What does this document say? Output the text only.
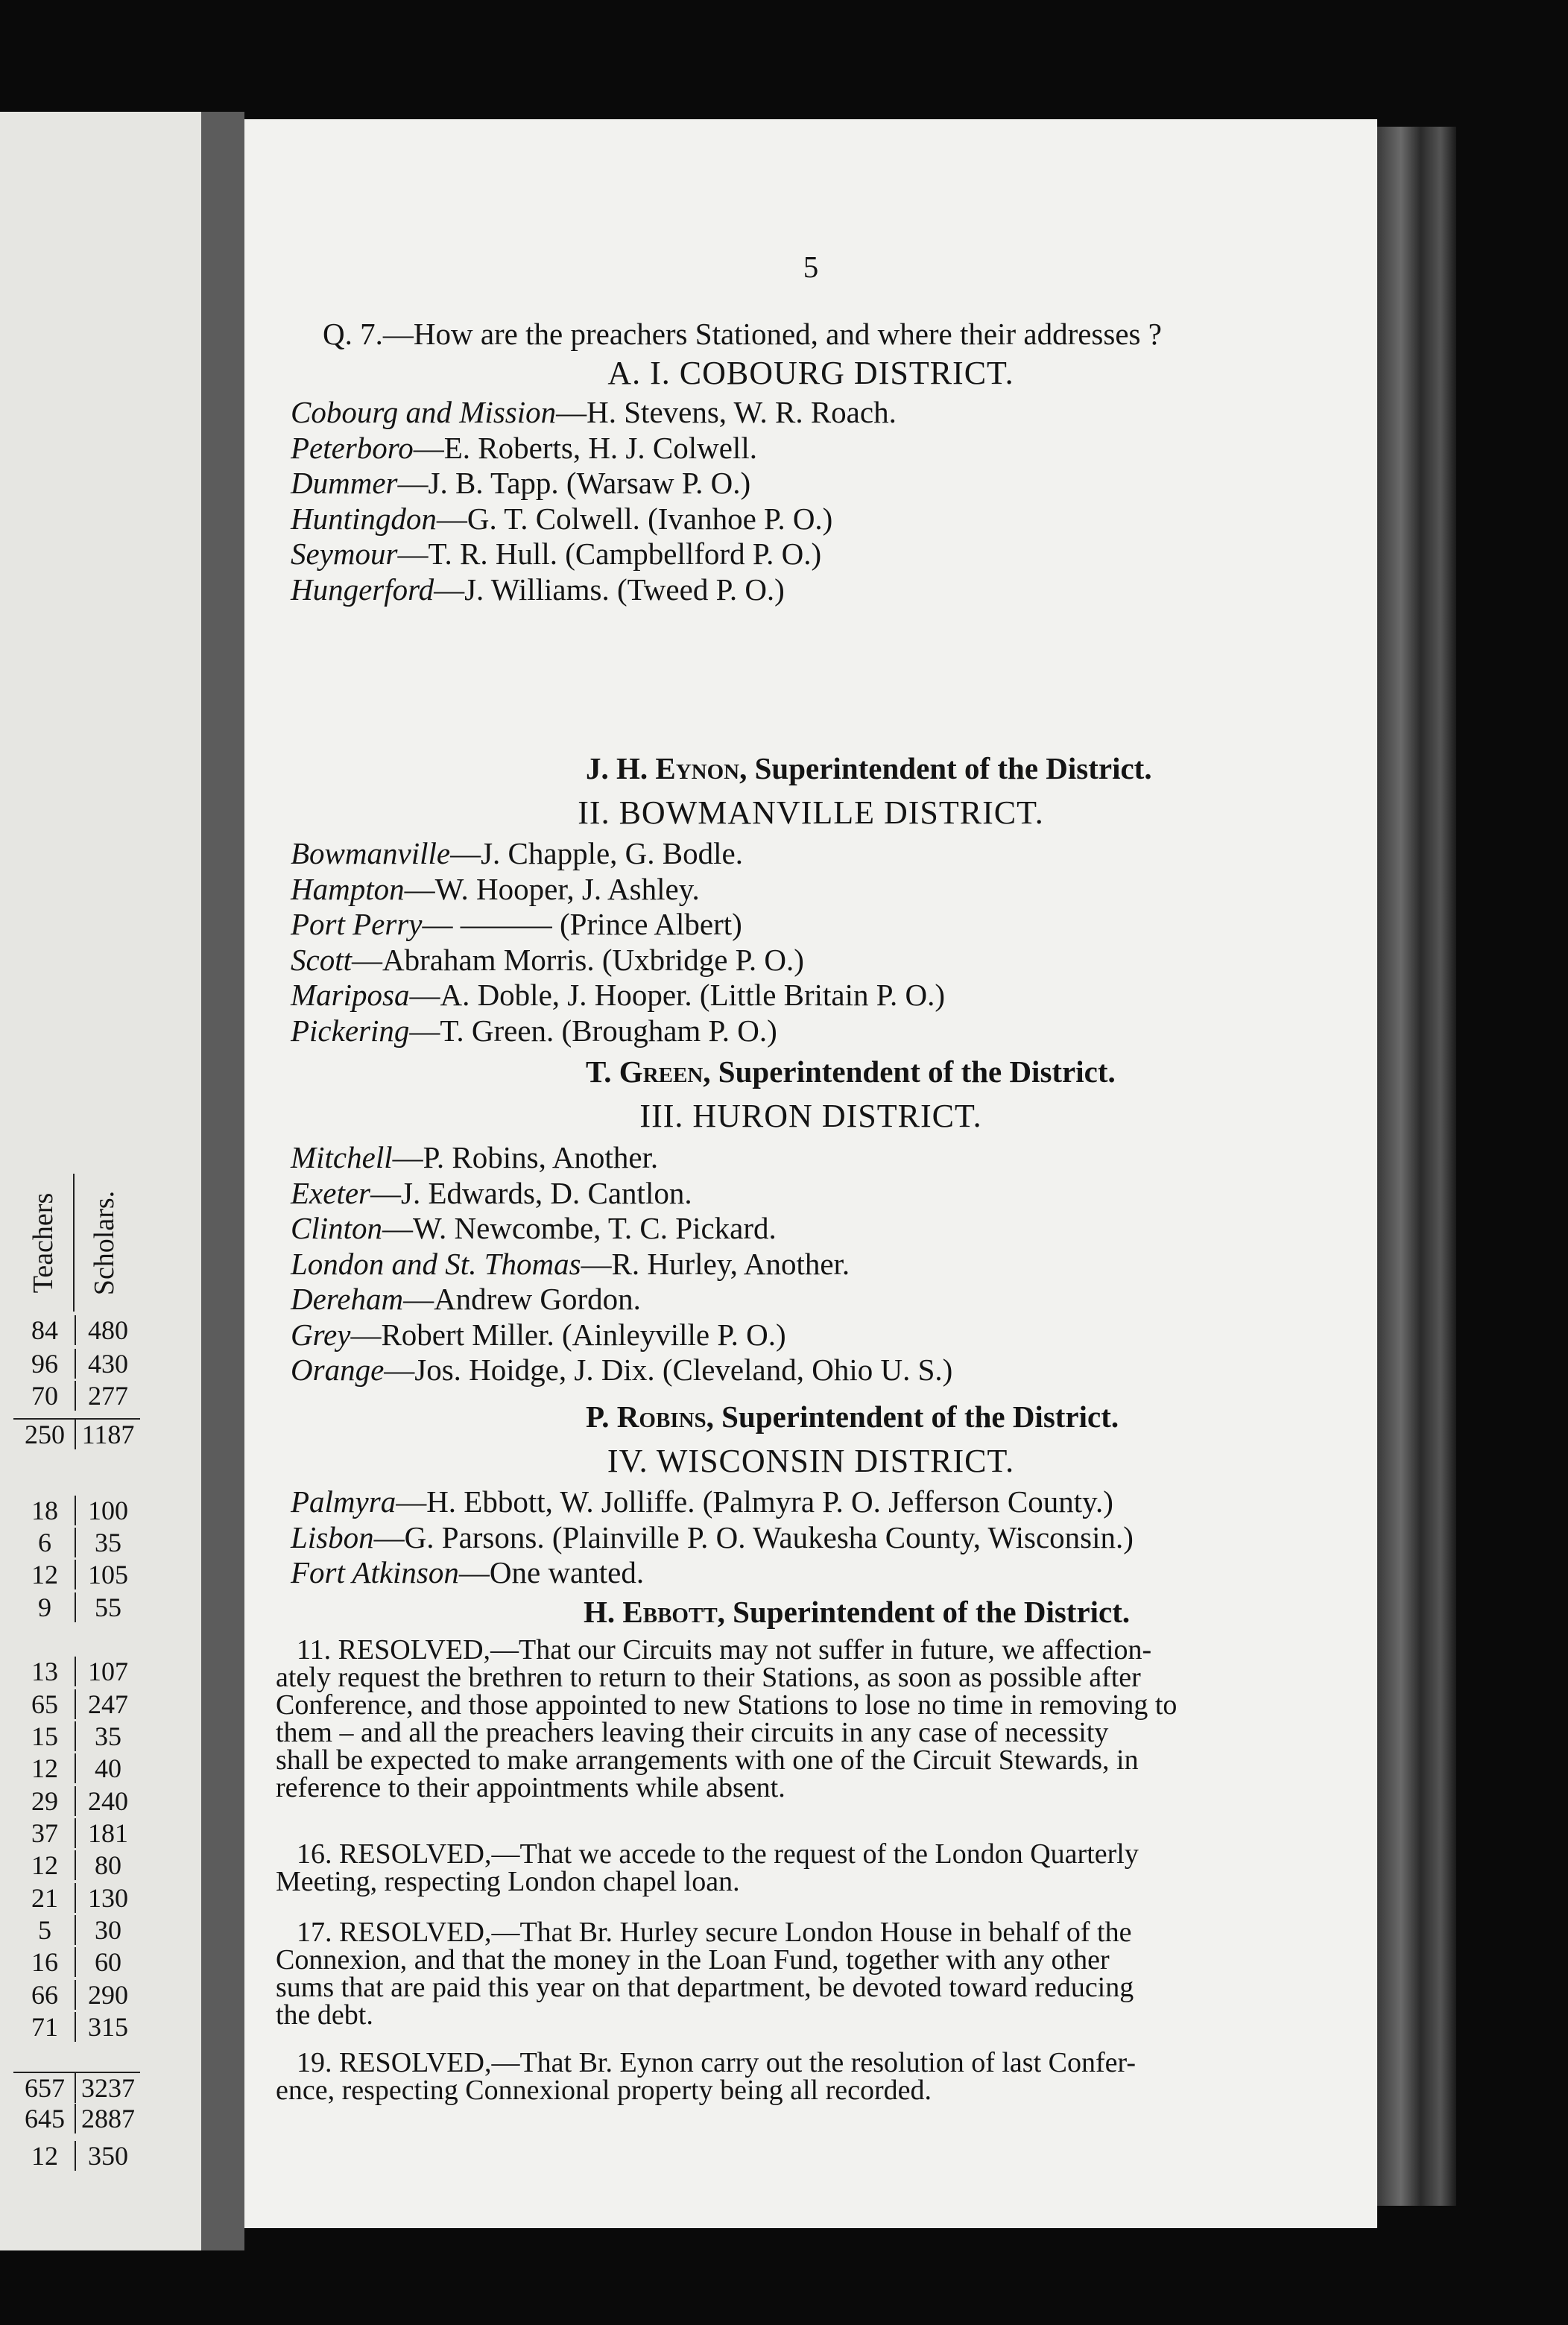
Teachers Scholars.
84	480
96	430
70	277
250 1187
18	100
6	35
12	105
9	55
13	107
65	247
15	35
12	40
29	240
37	181
12	80
21	130
5	30
16	60
66	290
71	315
657 3237
645 2887
12	350
5
Q. 7.—How are the preachers Stationed, and where their addresses ?
A. I. COBOURG DISTRICT.
Cobourg and Mission—H. Stevens, W. R. Roach.
Peterboro—E. Roberts, H. J. Colwell.
Dummer—J. B. Tapp. (Warsaw P. O.)
Huntingdon—G. T. Colwell. (Ivanhoe P. O.)
Seymour—T. R. Hull. (Campbellford P. O.)
Hungerford—J. Williams. (Tweed P. O.)
J. H. Eynon, Superintendent of the District.
II. BOWMANVILLE DISTRICT.
Bowmanville—J. Chapple, G. Bodle.
Hampton—W. Hooper, J. Ashley.
Port Perry— ——— (Prince Albert)
Scott—Abraham Morris. (Uxbridge P. O.)
Mariposa—A. Doble, J. Hooper. (Little Britain P. O.)
Pickering—T. Green. (Brougham P. O.)
T. Green, Superintendent of the District.
III. HURON DISTRICT.
Mitchell—P. Robins, Another.
Exeter—J. Edwards, D. Cantlon.
Clinton—W. Newcombe, T. C. Pickard.
London and St. Thomas—R. Hurley, Another.
Dereham—Andrew Gordon.
Grey—Robert Miller. (Ainleyville P. O.)
Orange—Jos. Hoidge, J. Dix. (Cleveland, Ohio U. S.)
P. Robins, Superintendent of the District.
IV. WISCONSIN DISTRICT.
Palmyra—H. Ebbott, W. Jolliffe. (Palmyra P. O. Jefferson County.)
Lisbon—G. Parsons. (Plainville P. O. Waukesha County, Wisconsin.)
Fort Atkinson—One wanted.
H. Ebbott, Superintendent of the District.
11. RESOLVED,—That our Circuits may not suffer in future, we affection-
ately request the brethren to return to their Stations, as soon as possible after
Conference, and those appointed to new Stations to lose no time in removing to
them – and all the preachers leaving their circuits in any case of necessity
shall be expected to make arrangements with one of the Circuit Stewards, in
reference to their appointments while absent.
16. RESOLVED,—That we accede to the request of the London Quarterly
Meeting, respecting London chapel loan.
17. RESOLVED,—That Br. Hurley secure London House in behalf of the
Connexion, and that the money in the Loan Fund, together with any other
sums that are paid this year on that department, be devoted toward reducing
the debt.
19. RESOLVED,—That Br. Eynon carry out the resolution of last Confer-
ence, respecting Connexional property being all recorded.
